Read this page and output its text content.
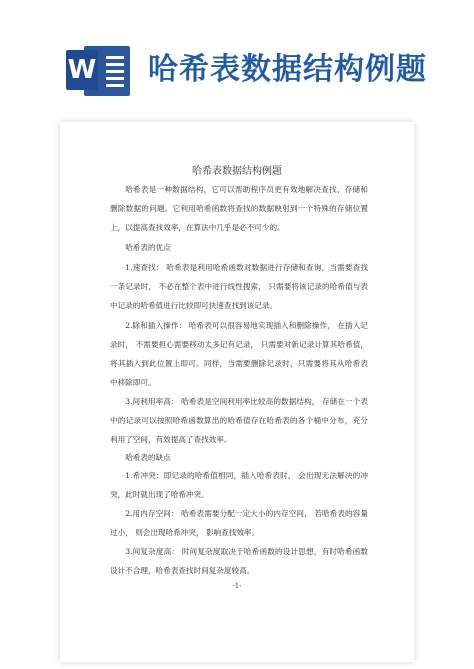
W 哈希表数据结构例题
哈希表数据结构例题

哈希表是一种数据结构，它可以帮助程序员更有效地解决查找、存储和删除数据的问题。它利用哈希函数将查找的数据映射到一个特殊的存储位置上，以提高查找效率，在算法中几乎是必不可少的。

哈希表的优点

1.速查找： 哈希表是利用哈希函数对数据进行存储和查询，当需要查找一条记录时， 不必在整个表中进行线性搜索， 只需要将该记录的哈希值与表中记录的哈希值进行比较即可快速查找到该记录。

2.除和插入操作： 哈希表可以很容易地实现插入和删除操作， 在插入记录时， 不需要担心需要移动太多记有记录， 只需要对新记录计算其哈希值，将其插入到此位置上即可。同样，当需要删除记录时，只需要将其从哈希表中移除即可。

3.间利用率高： 哈希表是空间利用率比较高的数据结构， 存储在一个表中的记录可以按照哈希函数算出的哈希值存在哈希表的各个桶中分布，充分利用了空间，有效提高了查找效率。

哈希表的缺点

1.希冲突：即记录的哈希值相同，插入哈希表时， 会出现无法解决的冲突，此时就出现了哈希冲突。

2.用内存空间： 哈希表需要分配一定大小的内存空间， 若哈希表的容量过小， 则会出现哈希冲突， 影响查找效率。

3.间复杂度高： 时间复杂度取决于哈希函数的设计思想，有时哈希函数设计不合理，哈希表查找时间复杂度较高。

-1-
